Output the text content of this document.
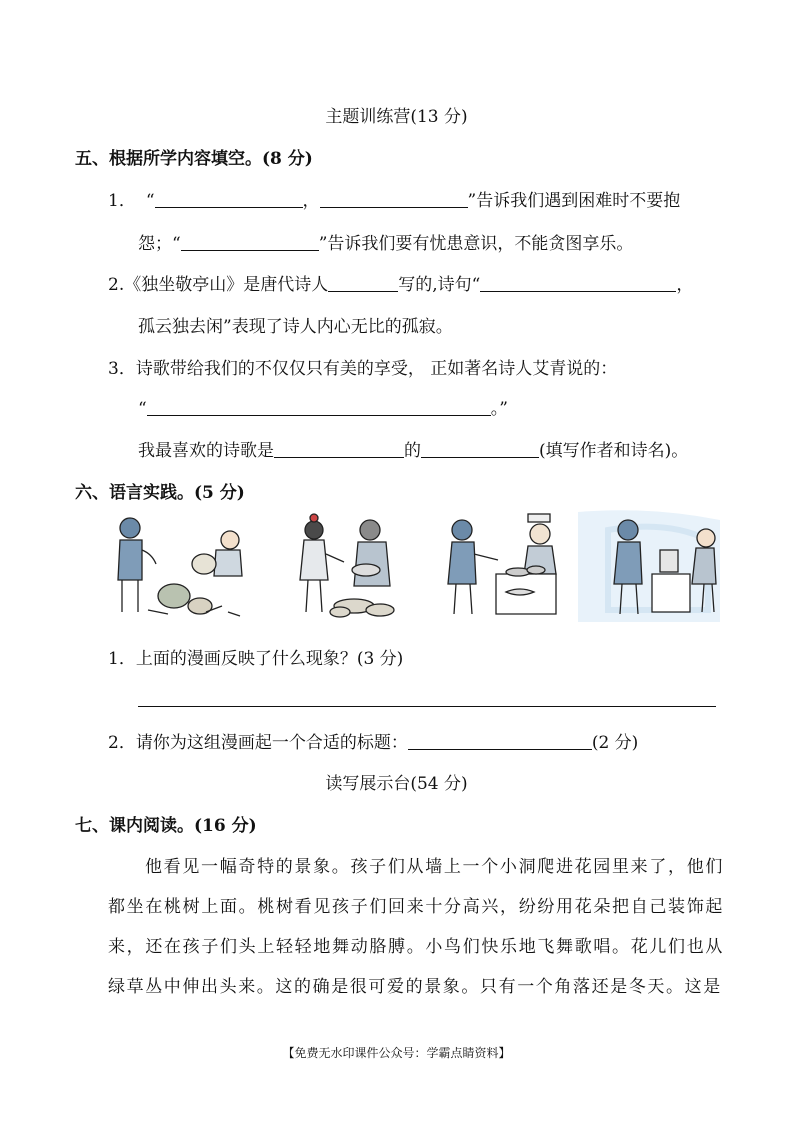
主题训练营(13 分)
五、根据所学内容填空。(8 分)
1． “	，	”告诉我们遇到困难时不要抱
怨；“	”告诉我们要有忧患意识，不能贪图享乐。
2.《独坐敬亭山》是唐代诗人	写的,诗句“	，
孤云独去闲”表现了诗人内心无比的孤寂。
3．诗歌带给我们的不仅仅只有美的享受， 正如著名诗人艾青说的：
“	。”
我最喜欢的诗歌是	的	(填写作者和诗名)。
六、语言实践。(5 分)
1．上面的漫画反映了什么现象？(3 分)
2．请你为这组漫画起一个合适的标题：	(2 分)
读写展示台(54 分)
七、课内阅读。(16 分)
他看见一幅奇特的景象。孩子们从墙上一个小洞爬进花园里来了，他们都坐在桃树上面。桃树看见孩子们回来十分高兴，纷纷用花朵把自己装饰起来，还在孩子们头上轻轻地舞动胳膊。小鸟们快乐地飞舞歌唱。花儿们也从绿草丛中伸出头来。这的确是很可爱的景象。只有一个角落还是冬天。这是
【免费无水印课件公众号：学霸点睛资料】
